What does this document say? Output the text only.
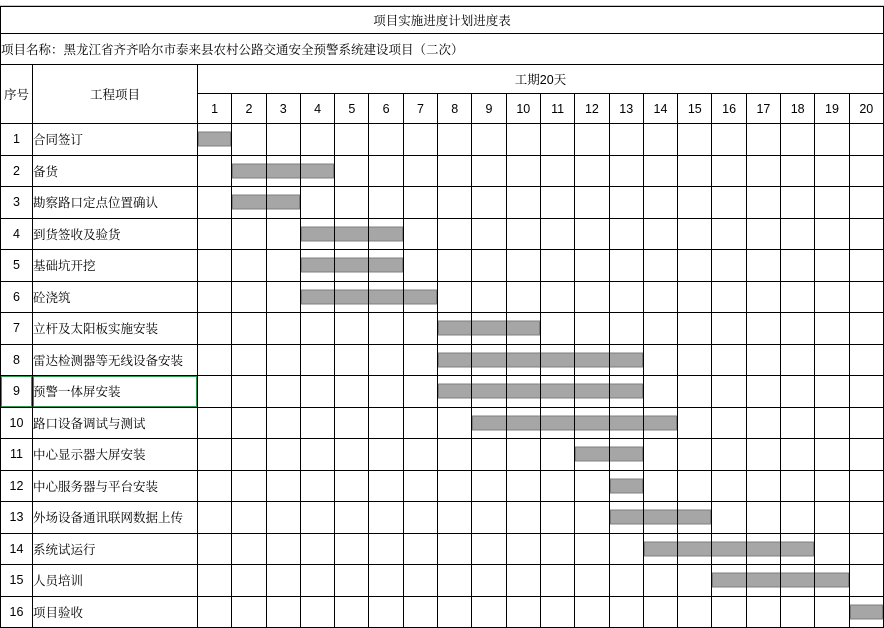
项目实施进度计划进度表																					
项目名称：黑龙江省齐齐哈尔市泰来县农村公路交通安全预警系统建设项目（二次）																					
序号	工程项目	工期20天																			
		1	2	3	4	5	6	7	8	9	10	11	12	13	14	15	16	17	18	19	20
1	合同签订	

2	备货		

3	勘察路口定点位置确认		

4	到货签收及验货				

5	基础坑开挖				

6	砼浇筑				

7	立杆及太阳板实施安装								

8	雷达检测器等无线设备安装								

9	预警一体屏安装								

10	路口设备调试与测试									

11	中心显示器大屏安装												

12	中心服务器与平台安装													

13	外场设备通讯联网数据上传													

14	系统试运行														

15	人员培训																

16	项目验收																				
